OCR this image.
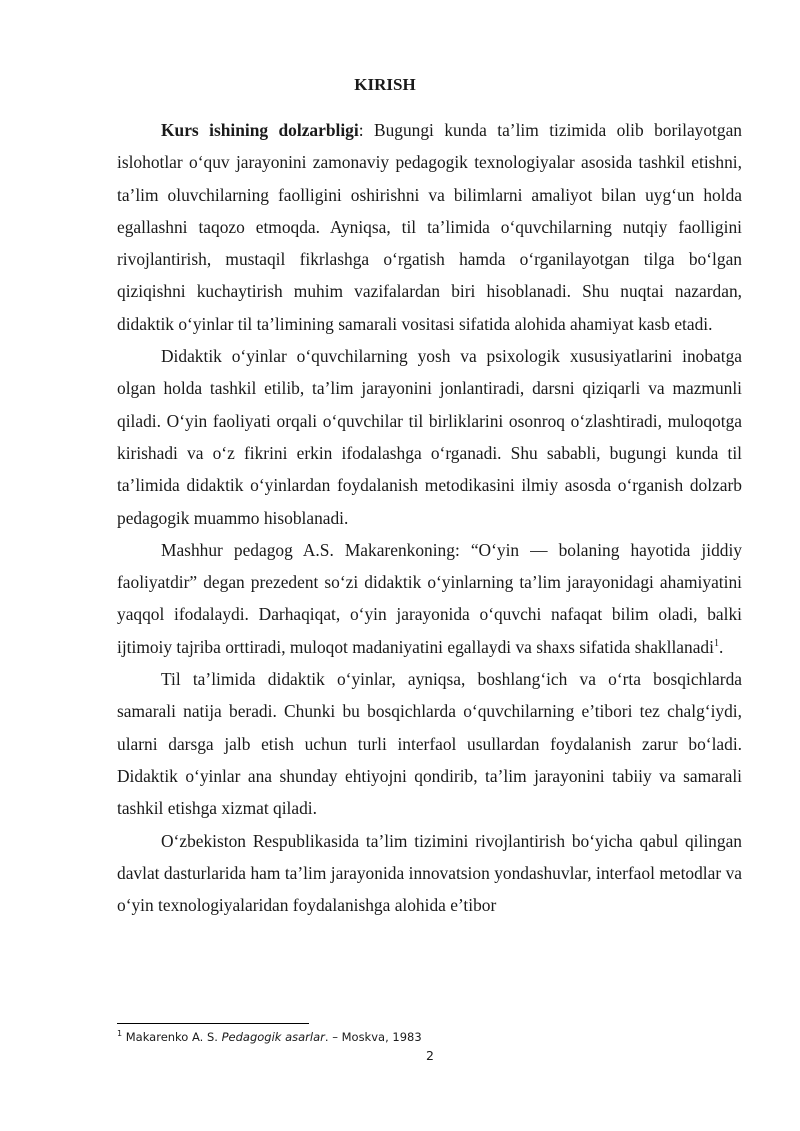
KIRISH

Kurs ishining dolzarbligi: Bugungi kunda ta’lim tizimida olib borilayotgan islohotlar o‘quv jarayonini zamonaviy pedagogik texnologiyalar asosida tashkil etishni, ta’lim oluvchilarning faolligini oshirishni va bilimlarni amaliyot bilan uyg‘un holda egallashni taqozo etmoqda. Ayniqsa, til ta’limida o‘quvchilarning nutqiy faolligini rivojlantirish, mustaqil fikrlashga o‘rgatish hamda o‘rganilayotgan tilga bo‘lgan qiziqishni kuchaytirish muhim vazifalardan biri hisoblanadi. Shu nuqtai nazardan, didaktik o‘yinlar til ta’limining samarali vositasi sifatida alohida ahamiyat kasb etadi.

Didaktik o‘yinlar o‘quvchilarning yosh va psixologik xususiyatlarini inobatga olgan holda tashkil etilib, ta’lim jarayonini jonlantiradi, darsni qiziqarli va mazmunli qiladi. O‘yin faoliyati orqali o‘quvchilar til birliklarini osonroq o‘zlashtiradi, muloqotga kirishadi va o‘z fikrini erkin ifodalashga o‘rganadi. Shu sababli, bugungi kunda til ta’limida didaktik o‘yinlardan foydalanish metodikasini ilmiy asosda o‘rganish dolzarb pedagogik muammo hisoblanadi.

Mashhur pedagog A.S. Makarenkoning: “O‘yin — bolaning hayotida jiddiy faoliyatdir” degan prezedent so‘zi didaktik o‘yinlarning ta’lim jarayonidagi ahamiyatini yaqqol ifodalaydi. Darhaqiqat, o‘yin jarayonida o‘quvchi nafaqat bilim oladi, balki ijtimoiy tajriba orttiradi, muloqot madaniyatini egallaydi va shaxs sifatida shakllanadi$^1$.

Til ta’limida didaktik o‘yinlar, ayniqsa, boshlang‘ich va o‘rta bosqichlarda samarali natija beradi. Chunki bu bosqichlarda o‘quvchilarning e’tibori tez chalg‘iydi, ularni darsga jalb etish uchun turli interfaol usullardan foydalanish zarur bo‘ladi. Didaktik o‘yinlar ana shunday ehtiyojni qondirib, ta’lim jarayonini tabiiy va samarali tashkil etishga xizmat qiladi.

O‘zbekiston Respublikasida ta’lim tizimini rivojlantirish bo‘yicha qabul qilingan davlat dasturlarida ham ta’lim jarayonida innovatsion yondashuvlar, interfaol metodlar va o‘yin texnologiyalaridan foydalanishga alohida e’tibor

$^1$ Makarenko A. S. Pedagogik asarlar. – Moskva, 1983
2
